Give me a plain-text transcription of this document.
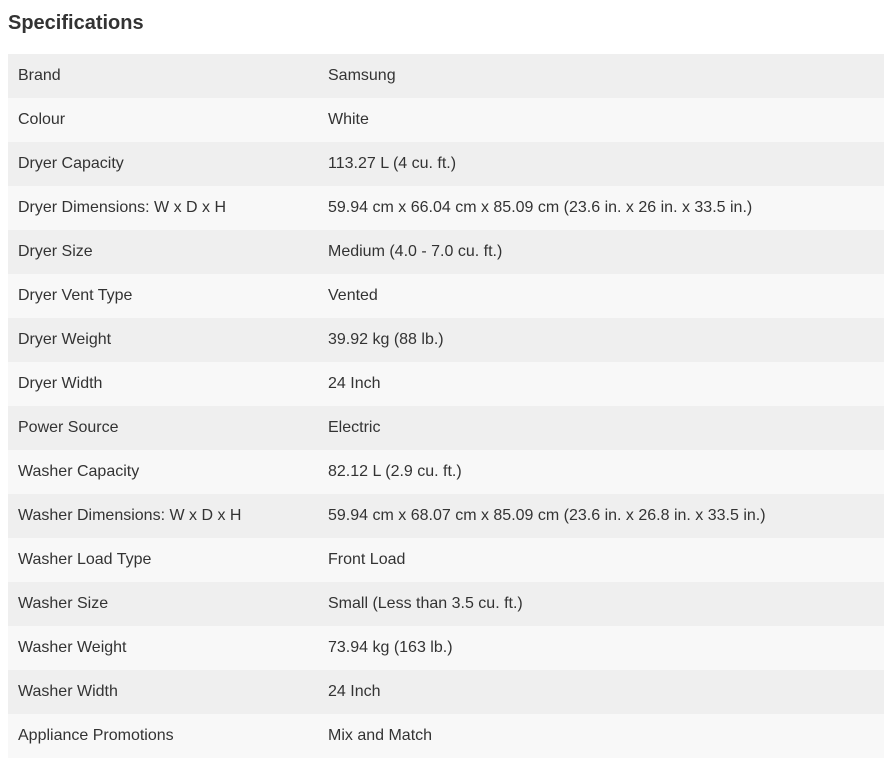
Specifications
Brand	Samsung
Colour	White
Dryer Capacity	113.27 L (4 cu. ft.)
Dryer Dimensions: W x D x H	59.94 cm x 66.04 cm x 85.09 cm (23.6 in. x 26 in. x 33.5 in.)
Dryer Size	Medium (4.0 - 7.0 cu. ft.)
Dryer Vent Type	Vented
Dryer Weight	39.92 kg (88 lb.)
Dryer Width	24 Inch
Power Source	Electric
Washer Capacity	82.12 L (2.9 cu. ft.)
Washer Dimensions: W x D x H	59.94 cm x 68.07 cm x 85.09 cm (23.6 in. x 26.8 in. x 33.5 in.)
Washer Load Type	Front Load
Washer Size	Small (Less than 3.5 cu. ft.)
Washer Weight	73.94 kg (163 lb.)
Washer Width	24 Inch
Appliance Promotions	Mix and Match
